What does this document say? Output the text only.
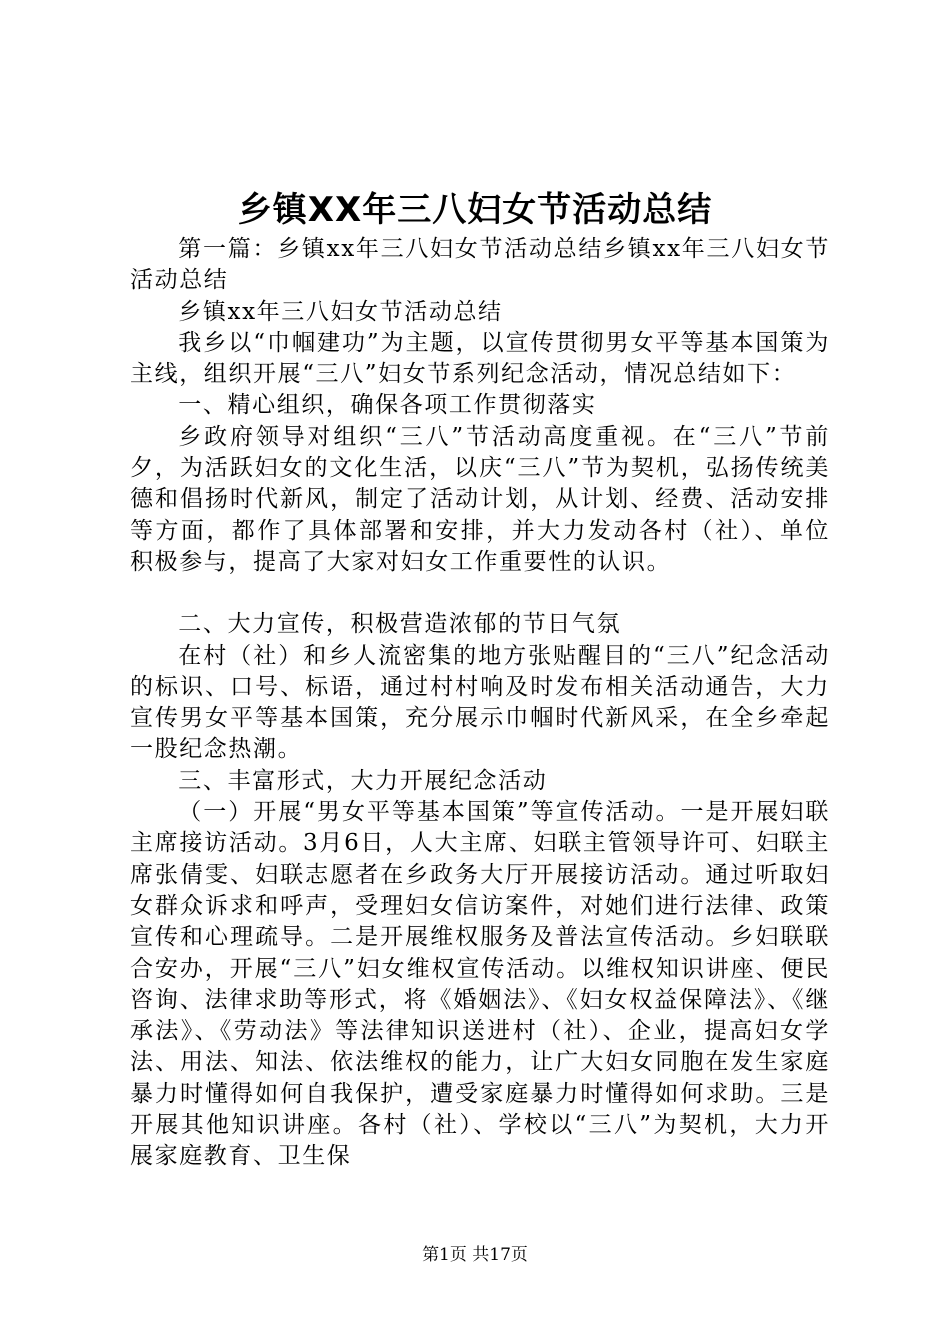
乡镇XX年三八妇女节活动总结

第一篇：乡镇xx年三八妇女节活动总结乡镇xx年三八妇女节活动总结

乡镇xx年三八妇女节活动总结

我乡以“巾帼建功”为主题，以宣传贯彻男女平等基本国策为主线，组织开展“三八”妇女节系列纪念活动，情况总结如下：

一、精心组织，确保各项工作贯彻落实

乡政府领导对组织“三八”节活动高度重视。在“三八”节前夕，为活跃妇女的文化生活，以庆“三八”节为契机，弘扬传统美德和倡扬时代新风，制定了活动计划，从计划、经费、活动安排等方面，都作了具体部署和安排，并大力发动各村（社）、单位积极参与，提高了大家对妇女工作重要性的认识。

二、大力宣传，积极营造浓郁的节日气氛

在村（社）和乡人流密集的地方张贴醒目的“三八”纪念活动的标识、口号、标语，通过村村响及时发布相关活动通告，大力宣传男女平等基本国策，充分展示巾帼时代新风采，在全乡牵起一股纪念热潮。

三、丰富形式，大力开展纪念活动

（一）开展“男女平等基本国策”等宣传活动。一是开展妇联主席接访活动。3月6日，人大主席、妇联主管领导许可、妇联主席张倩雯、妇联志愿者在乡政务大厅开展接访活动。通过听取妇女群众诉求和呼声，受理妇女信访案件，对她们进行法律、政策宣传和心理疏导。二是开展维权服务及普法宣传活动。乡妇联联合安办，开展“三八”妇女维权宣传活动。以维权知识讲座、便民咨询、法律求助等形式，将《婚姻法》、《妇女权益保障法》、《继承法》、《劳动法》等法律知识送进村（社）、企业，提高妇女学法、用法、知法、依法维权的能力，让广大妇女同胞在发生家庭暴力时懂得如何自我保护，遭受家庭暴力时懂得如何求助。三是开展其他知识讲座。各村（社）、学校以“三八”为契机，大力开展家庭教育、卫生保

第1页 共17页
